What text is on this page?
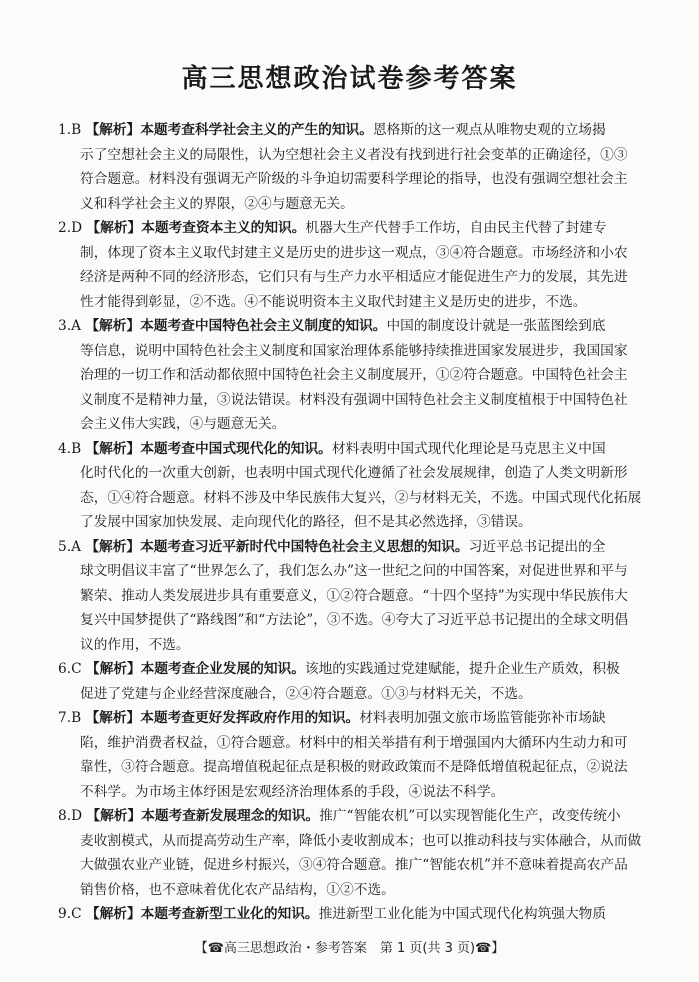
高三思想政治试卷参考答案
1.B 【解析】本题考查科学社会主义的产生的知识。恩格斯的这一观点从唯物史观的立场揭
示了空想社会主义的局限性，认为空想社会主义者没有找到进行社会变革的正确途径，①③
符合题意。材料没有强调无产阶级的斗争迫切需要科学理论的指导，也没有强调空想社会主
义和科学社会主义的界限，②④与题意无关。
2.D 【解析】本题考查资本主义的知识。机器大生产代替手工作坊，自由民主代替了封建专
制，体现了资本主义取代封建主义是历史的进步这一观点，③④符合题意。市场经济和小农
经济是两种不同的经济形态，它们只有与生产力水平相适应才能促进生产力的发展，其先进
性才能得到彰显，②不选。④不能说明资本主义取代封建主义是历史的进步，不选。
3.A 【解析】本题考查中国特色社会主义制度的知识。中国的制度设计就是一张蓝图绘到底
等信息，说明中国特色社会主义制度和国家治理体系能够持续推进国家发展进步，我国国家
治理的一切工作和活动都依照中国特色社会主义制度展开，①②符合题意。中国特色社会主
义制度不是精神力量，③说法错误。材料没有强调中国特色社会主义制度植根于中国特色社
会主义伟大实践，④与题意无关。
4.B 【解析】本题考查中国式现代化的知识。材料表明中国式现代化理论是马克思主义中国
化时代化的一次重大创新，也表明中国式现代化遵循了社会发展规律，创造了人类文明新形
态，①④符合题意。材料不涉及中华民族伟大复兴，②与材料无关，不选。中国式现代化拓展
了发展中国家加快发展、走向现代化的路径，但不是其必然选择，③错误。
5.A 【解析】本题考查习近平新时代中国特色社会主义思想的知识。习近平总书记提出的全
球文明倡议丰富了“世界怎么了，我们怎么办”这一世纪之问的中国答案，对促进世界和平与
繁荣、推动人类发展进步具有重要意义，①②符合题意。“十四个坚持”为实现中华民族伟大
复兴中国梦提供了“路线图”和“方法论”，③不选。④夸大了习近平总书记提出的全球文明倡
议的作用，不选。
6.C 【解析】本题考查企业发展的知识。该地的实践通过党建赋能，提升企业生产质效，积极
促进了党建与企业经营深度融合，②④符合题意。①③与材料无关，不选。
7.B 【解析】本题考查更好发挥政府作用的知识。材料表明加强文旅市场监管能弥补市场缺
陷，维护消费者权益，①符合题意。材料中的相关举措有利于增强国内大循环内生动力和可
靠性，③符合题意。提高增值税起征点是积极的财政政策而不是降低增值税起征点，②说法
不科学。为市场主体纾困是宏观经济治理体系的手段，④说法不科学。
8.D 【解析】本题考查新发展理念的知识。推广“智能农机”可以实现智能化生产，改变传统小
麦收割模式，从而提高劳动生产率，降低小麦收割成本；也可以推动科技与实体融合，从而做
大做强农业产业链，促进乡村振兴，③④符合题意。推广“智能农机”并不意味着提高农产品
销售价格，也不意味着优化农产品结构，①②不选。
9.C 【解析】本题考查新型工业化的知识。推进新型工业化能为中国式现代化构筑强大物质
【☎高三思想政治・参考答案　第 1 页(共 3 页)☎】
